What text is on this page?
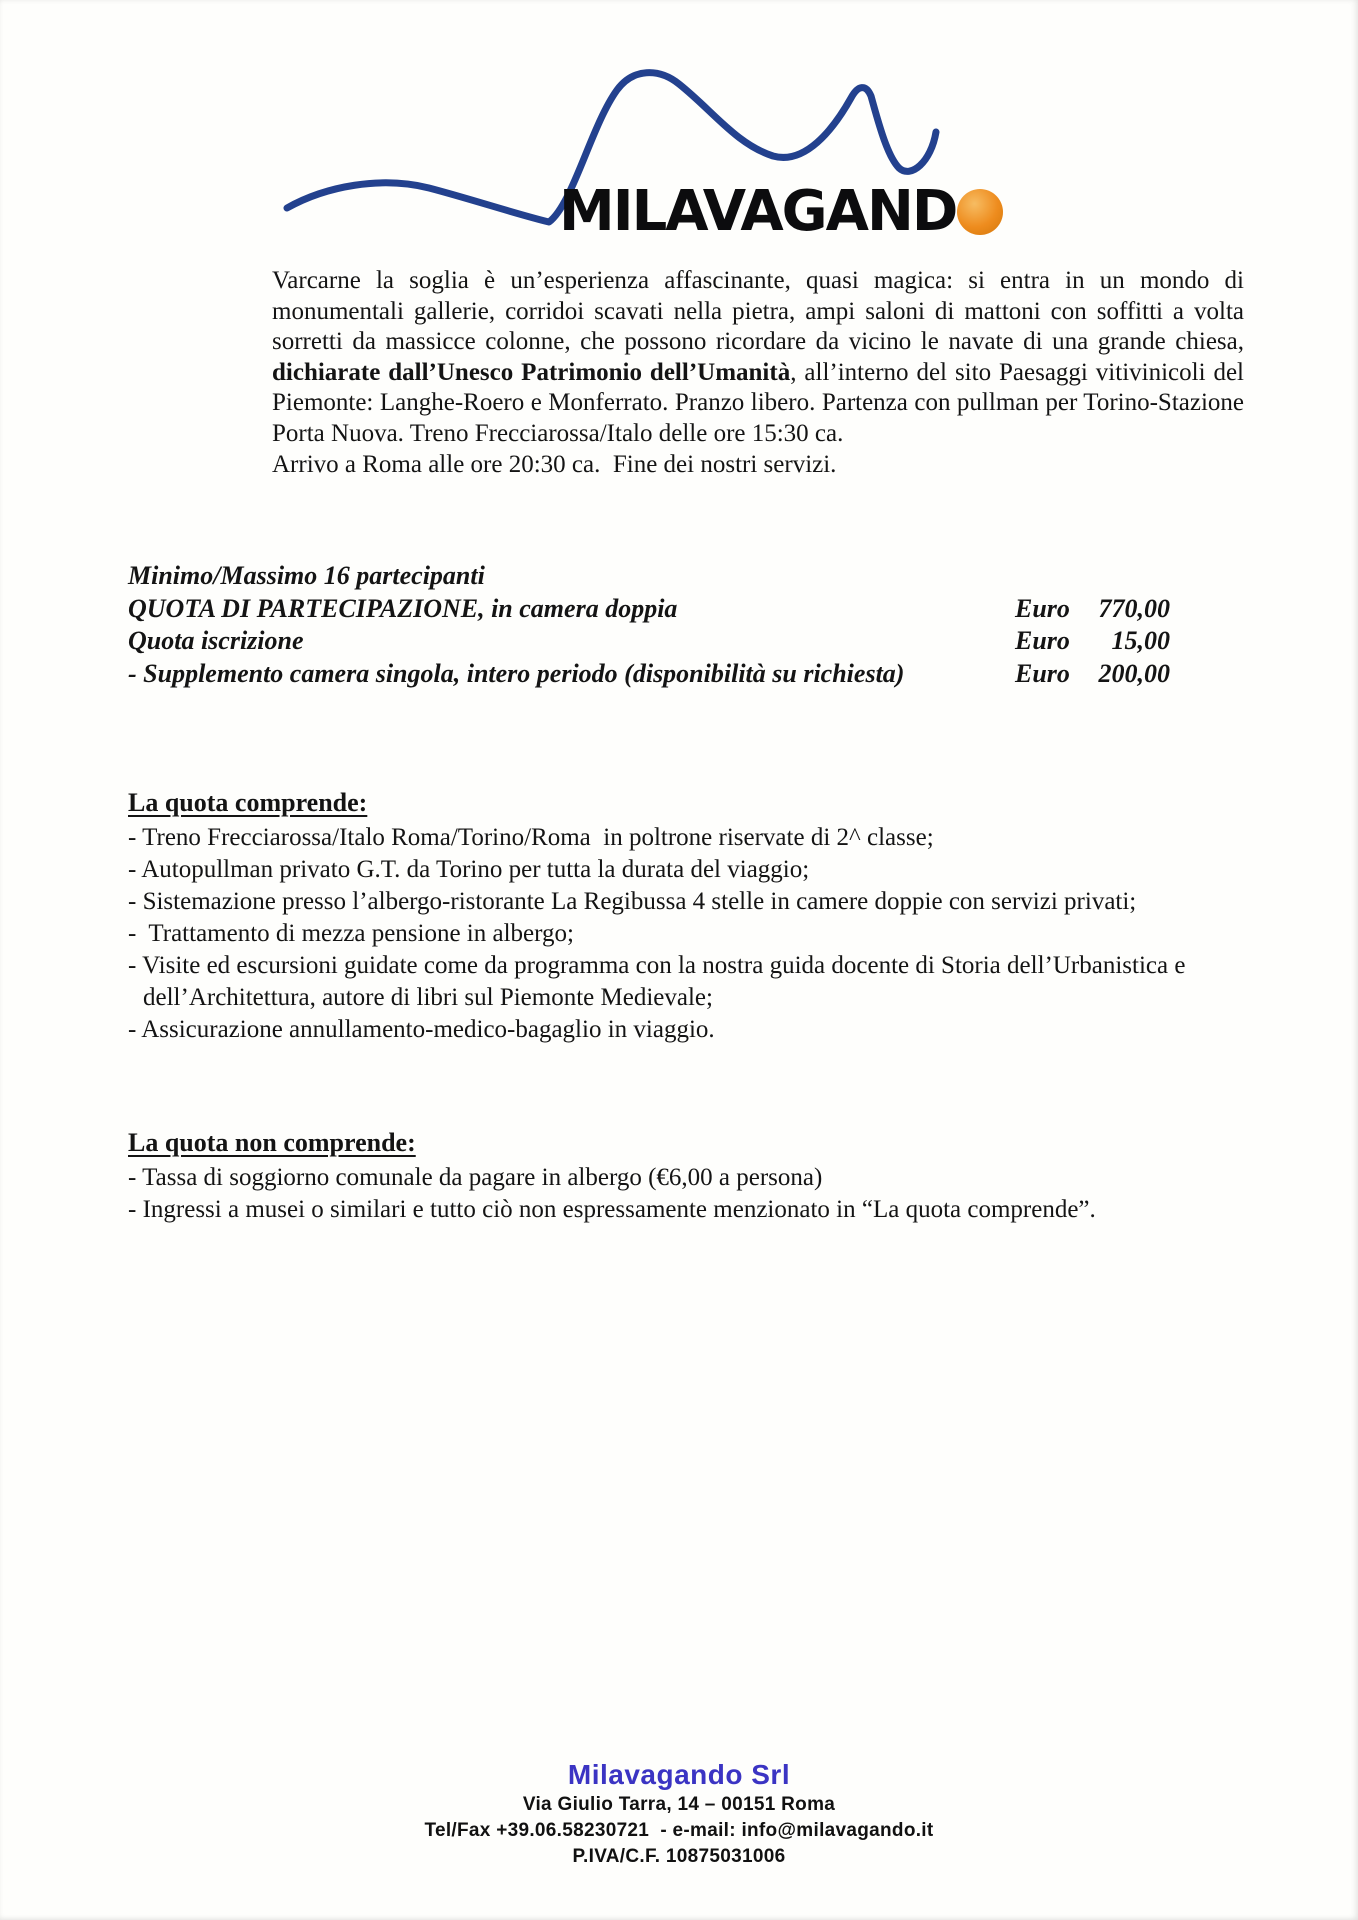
MILAVAGAND

Varcarne la soglia è un’esperienza affascinante, quasi magica: si entra in un mondo di monumentali gallerie, corridoi scavati nella pietra, ampi saloni di mattoni con soffitti a volta sorretti da massicce colonne, che possono ricordare da vicino le navate di una grande chiesa, dichiarate dall’Unesco Patrimonio dell’Umanità, all’interno del sito Paesaggi vitivinicoli del Piemonte: Langhe-Roero e Monferrato. Pranzo libero. Partenza con pullman per Torino-Stazione Porta Nuova. Treno Frecciarossa/Italo delle ore 15:30 ca.

Arrivo a Roma alle ore 20:30 ca.  Fine dei nostri servizi.

Minimo/Massimo 16 partecipanti
QUOTA DI PARTECIPAZIONE, in camera doppia	Euro 770,00
Quota iscrizione	Euro 15,00
- Supplemento camera singola, intero periodo (disponibilità su richiesta)	Euro 200,00
La quota comprende:
- Treno Frecciarossa/Italo Roma/Torino/Roma  in poltrone riservate di 2^ classe;
- Autopullman privato G.T. da Torino per tutta la durata del viaggio;
- Sistemazione presso l’albergo-ristorante La Regibussa 4 stelle in camere doppie con servizi privati;
-  Trattamento di mezza pensione in albergo;
- Visite ed escursioni guidate come da programma con la nostra guida docente di Storia dell’Urbanistica e dell’Architettura, autore di libri sul Piemonte Medievale;
- Assicurazione annullamento-medico-bagaglio in viaggio.
La quota non comprende:
- Tassa di soggiorno comunale da pagare in albergo (€6,00 a persona)
- Ingressi a musei o similari e tutto ciò non espressamente menzionato in “La quota comprende”.
Milavagando Srl
Via Giulio Tarra, 14 – 00151 Roma
Tel/Fax +39.06.58230721  - e-mail: info@milavagando.it
P.IVA/C.F. 10875031006
